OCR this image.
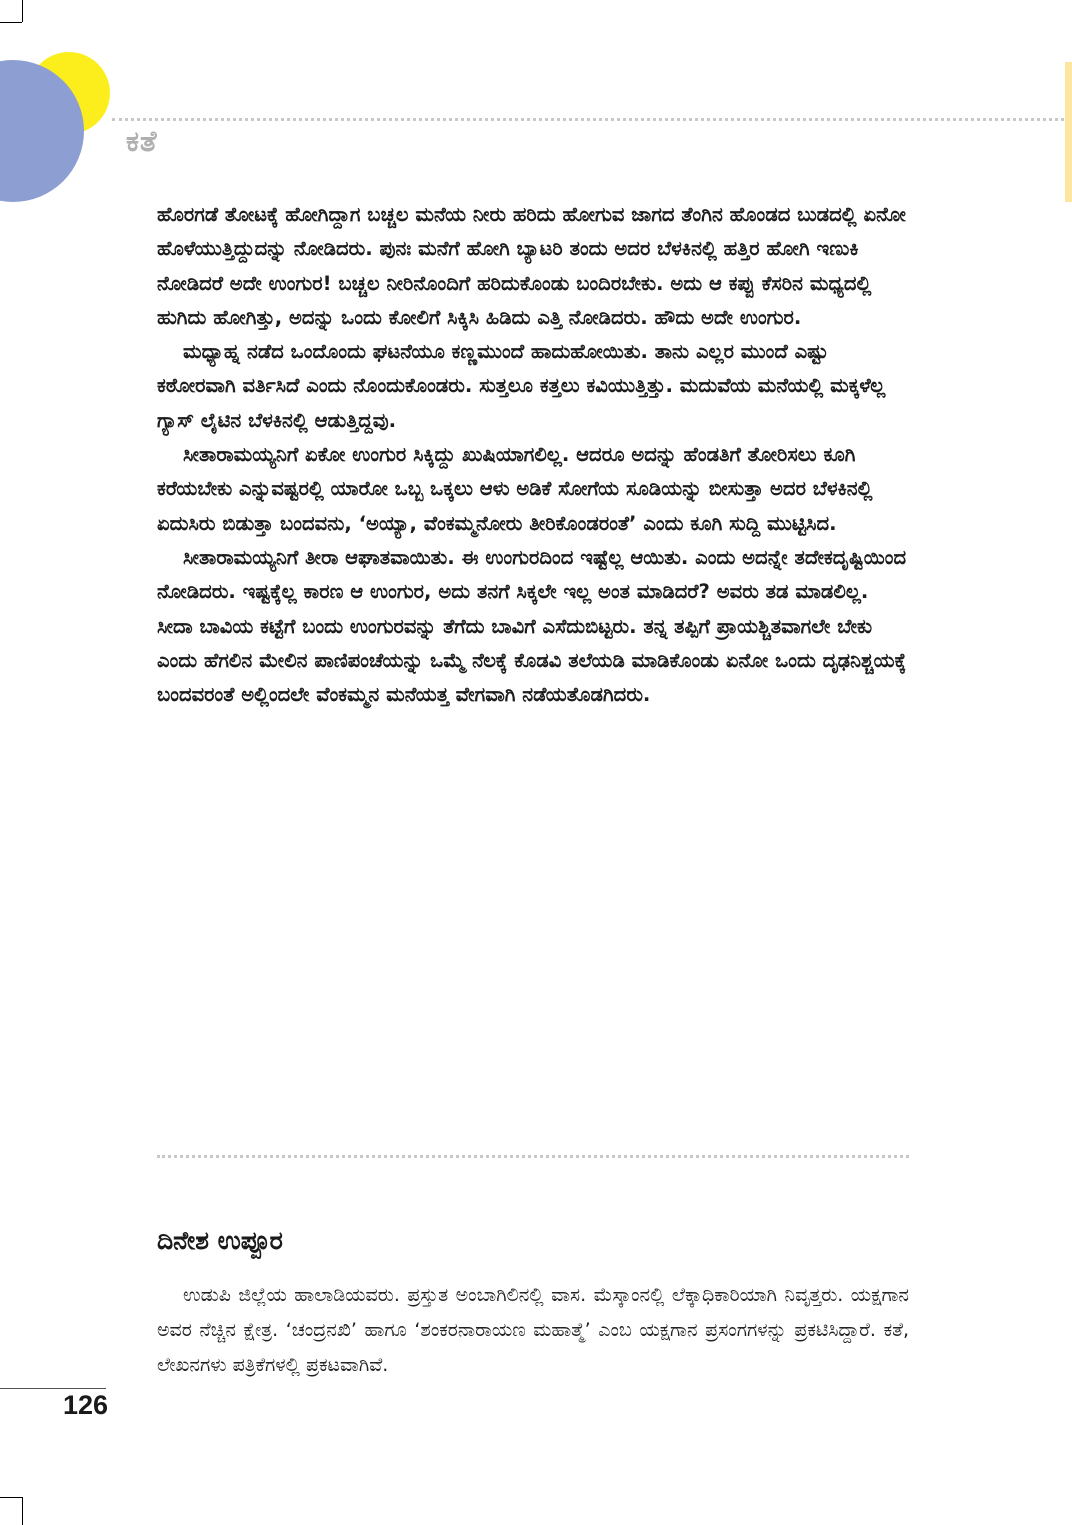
ಕತೆ

ಹೊರಗಡೆ ತೋಟಕ್ಕೆ ಹೋಗಿದ್ದಾಗ ಬಚ್ಚಲ ಮನೆಯ ನೀರು ಹರಿದು ಹೋಗುವ ಜಾಗದ ತೆಂಗಿನ ಹೊಂಡದ ಬುಡದಲ್ಲಿ ಏನೋ ಹೊಳೆಯುತ್ತಿದ್ದುದನ್ನು ನೋಡಿದರು. ಪುನಃ ಮನೆಗೆ ಹೋಗಿ ಬ್ಯಾಟರಿ ತಂದು ಅದರ ಬೆಳಕಿನಲ್ಲಿ ಹತ್ತಿರ ಹೋಗಿ ಇಣುಕಿ ನೋಡಿದರೆ ಅದೇ ಉಂಗುರ! ಬಚ್ಚಲ ನೀರಿನೊಂದಿಗೆ ಹರಿದುಕೊಂಡು ಬಂದಿರಬೇಕು. ಅದು ಆ ಕಪ್ಪು ಕೆಸರಿನ ಮಧ್ಯದಲ್ಲಿ ಹುಗಿದು ಹೋಗಿತ್ತು, ಅದನ್ನು ಒಂದು ಕೋಲಿಗೆ ಸಿಕ್ಕಿಸಿ ಹಿಡಿದು ಎತ್ತಿ ನೋಡಿದರು. ಹೌದು ಅದೇ ಉಂಗುರ.

ಮಧ್ಯಾಹ್ನ ನಡೆದ ಒಂದೊಂದು ಘಟನೆಯೂ ಕಣ್ಣಮುಂದೆ ಹಾದುಹೋಯಿತು. ತಾನು ಎಲ್ಲರ ಮುಂದೆ ಎಷ್ಟು ಕಠೋರವಾಗಿ ವರ್ತಿಸಿದೆ ಎಂದು ನೊಂದುಕೊಂಡರು. ಸುತ್ತಲೂ ಕತ್ತಲು ಕವಿಯುತ್ತಿತ್ತು. ಮದುವೆಯ ಮನೆಯಲ್ಲಿ ಮಕ್ಕಳೆಲ್ಲ ಗ್ಯಾಸ್ ಲೈಟಿನ ಬೆಳಕಿನಲ್ಲಿ ಆಡುತ್ತಿದ್ದವು.

ಸೀತಾರಾಮಯ್ಯನಿಗೆ ಏಕೋ ಉಂಗುರ ಸಿಕ್ಕಿದ್ದು ಖುಷಿಯಾಗಲಿಲ್ಲ. ಆದರೂ ಅದನ್ನು ಹೆಂಡತಿಗೆ ತೋರಿಸಲು ಕೂಗಿ ಕರೆಯಬೇಕು ಎನ್ನುವಷ್ಟರಲ್ಲಿ ಯಾರೋ ಒಬ್ಬ ಒಕ್ಕಲು ಆಳು ಅಡಿಕೆ ಸೋಗೆಯ ಸೂಡಿಯನ್ನು ಬೀಸುತ್ತಾ ಅದರ ಬೆಳಕಿನಲ್ಲಿ ಏದುಸಿರು ಬಿಡುತ್ತಾ ಬಂದವನು, ‘ಅಯ್ಯಾ, ವೆಂಕಮ್ಮನೋರು ತೀರಿಕೊಂಡರಂತೆ’ ಎಂದು ಕೂಗಿ ಸುದ್ದಿ ಮುಟ್ಟಿಸಿದ.

ಸೀತಾರಾಮಯ್ಯನಿಗೆ ತೀರಾ ಆಘಾತವಾಯಿತು. ಈ ಉಂಗುರದಿಂದ ಇಷ್ಟೆಲ್ಲ ಆಯಿತು. ಎಂದು ಅದನ್ನೇ ತದೇಕದೃಷ್ಟಿಯಿಂದ ನೋಡಿದರು. ಇಷ್ಟಕ್ಕೆಲ್ಲ ಕಾರಣ ಆ ಉಂಗುರ, ಅದು ತನಗೆ ಸಿಕ್ಕಲೇ ಇಲ್ಲ ಅಂತ ಮಾಡಿದರೆ? ಅವರು ತಡ ಮಾಡಲಿಲ್ಲ. ಸೀದಾ ಬಾವಿಯ ಕಟ್ಟೆಗೆ ಬಂದು ಉಂಗುರವನ್ನು ತೆಗೆದು ಬಾವಿಗೆ ಎಸೆದುಬಿಟ್ಟರು. ತನ್ನ ತಪ್ಪಿಗೆ ಪ್ರಾಯಶ್ಚಿತವಾಗಲೇ ಬೇಕು ಎಂದು ಹೆಗಲಿನ ಮೇಲಿನ ಪಾಣಿಪಂಚೆಯನ್ನು ಒಮ್ಮೆ ನೆಲಕ್ಕೆ ಕೊಡವಿ ತಲೆಯಡಿ ಮಾಡಿಕೊಂಡು ಏನೋ ಒಂದು ದೃಢನಿಶ್ಚಯಕ್ಕೆ ಬಂದವರಂತೆ ಅಲ್ಲಿಂದಲೇ ವೆಂಕಮ್ಮನ ಮನೆಯತ್ತ ವೇಗವಾಗಿ ನಡೆಯತೊಡಗಿದರು.

ದಿನೇಶ ಉಪ್ಪೂರ

ಉಡುಪಿ ಜಿಲ್ಲೆಯ ಹಾಲಾಡಿಯವರು. ಪ್ರಸ್ತುತ ಅಂಬಾಗಿಲಿನಲ್ಲಿ ವಾಸ. ಮೆಸ್ಕಾಂನಲ್ಲಿ ಲೆಕ್ಕಾಧಿಕಾರಿಯಾಗಿ ನಿವೃತ್ತರು. ಯಕ್ಷಗಾನ ಅವರ ನೆಚ್ಚಿನ ಕ್ಷೇತ್ರ. ‘ಚಂದ್ರನಖಿ’ ಹಾಗೂ ‘ಶಂಕರನಾರಾಯಣ ಮಹಾತ್ಮೆ’ ಎಂಬ ಯಕ್ಷಗಾನ ಪ್ರಸಂಗಗಳನ್ನು ಪ್ರಕಟಿಸಿದ್ದಾರೆ. ಕತೆ, ಲೇಖನಗಳು ಪತ್ರಿಕೆಗಳಲ್ಲಿ ಪ್ರಕಟವಾಗಿವೆ.

126
